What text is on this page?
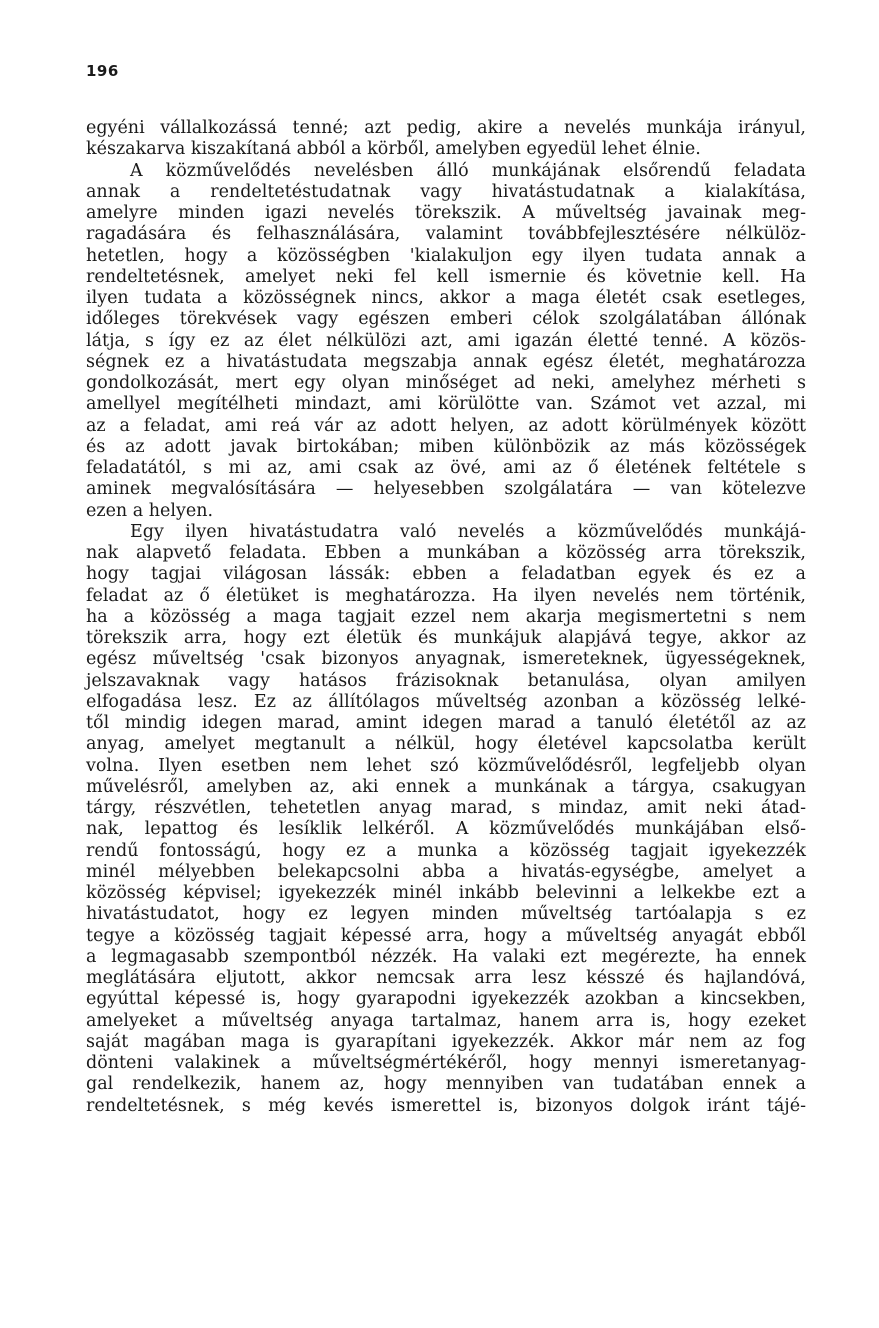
196
egyéni vállalkozássá tenné; azt pedig, akire a nevelés munkája irányul,
készakarva kiszakítaná abból a körből, amelyben egyedül lehet élnie.
A közművelődés nevelésben álló munkájának elsőrendű feladata
annak a rendeltetéstudatnak vagy hivatástudatnak a kialakítása,
amelyre minden igazi nevelés törekszik. A műveltség javainak meg-
ragadására és felhasználására, valamint továbbfejlesztésére nélkülöz-
hetetlen, hogy a közösségben 'kialakuljon egy ilyen tudata annak a
rendeltetésnek, amelyet neki fel kell ismernie és követnie kell. Ha
ilyen tudata a közösségnek nincs, akkor a maga életét csak esetleges,
időleges törekvések vagy egészen emberi célok szolgálatában állónak
látja, s így ez az élet nélkülözi azt, ami igazán életté tenné. A közös-
ségnek ez a hivatástudata megszabja annak egész életét, meghatározza
gondolkozását, mert egy olyan minőséget ad neki, amelyhez mérheti s
amellyel megítélheti mindazt, ami körülötte van. Számot vet azzal, mi
az a feladat, ami reá vár az adott helyen, az adott körülmények között
és az adott javak birtokában; miben különbözik az más közösségek
feladatától, s mi az, ami csak az övé, ami az ő életének feltétele s
aminek megvalósítására — helyesebben szolgálatára — van kötelezve
ezen a helyen.
Egy ilyen hivatástudatra való nevelés a közművelődés munkájá-
nak alapvető feladata. Ebben a munkában a közösség arra törekszik,
hogy tagjai világosan lássák: ebben a feladatban egyek és ez a
feladat az ő életüket is meghatározza. Ha ilyen nevelés nem történik,
ha a közösség a maga tagjait ezzel nem akarja megismertetni s nem
törekszik arra, hogy ezt életük és munkájuk alapjává tegye, akkor az
egész műveltség 'csak bizonyos anyagnak, ismereteknek, ügyességeknek,
jelszavaknak vagy hatásos frázisoknak betanulása, olyan amilyen
elfogadása lesz. Ez az állítólagos műveltség azonban a közösség lelké-
től mindig idegen marad, amint idegen marad a tanuló életétől az az
anyag, amelyet megtanult a nélkül, hogy életével kapcsolatba került
volna. Ilyen esetben nem lehet szó közművelődésről, legfeljebb olyan
művelésről, amelyben az, aki ennek a munkának a tárgya, csakugyan
tárgy, részvétlen, tehetetlen anyag marad, s mindaz, amit neki átad-
nak, lepattog és lesíklik lelkéről. A közművelődés munkájában első-
rendű fontosságú, hogy ez a munka a közösség tagjait igyekezzék
minél mélyebben belekapcsolni abba a hivatás-egységbe, amelyet a
közösség képvisel; igyekezzék minél inkább belevinni a lelkekbe ezt a
hivatástudatot, hogy ez legyen minden műveltség tartóalapja s ez
tegye a közösség tagjait képessé arra, hogy a műveltség anyagát ebből
a legmagasabb szempontból nézzék. Ha valaki ezt megérezte, ha ennek
meglátására eljutott, akkor nemcsak arra lesz késszé és hajlandóvá,
egyúttal képessé is, hogy gyarapodni igyekezzék azokban a kincsekben,
amelyeket a műveltség anyaga tartalmaz, hanem arra is, hogy ezeket
saját magában maga is gyarapítani igyekezzék. Akkor már nem az fog
dönteni valakinek a műveltségmértékéről, hogy mennyi ismeretanyag-
gal rendelkezik, hanem az, hogy mennyiben van tudatában ennek a
rendeltetésnek, s még kevés ismerettel is, bizonyos dolgok iránt tájé-
